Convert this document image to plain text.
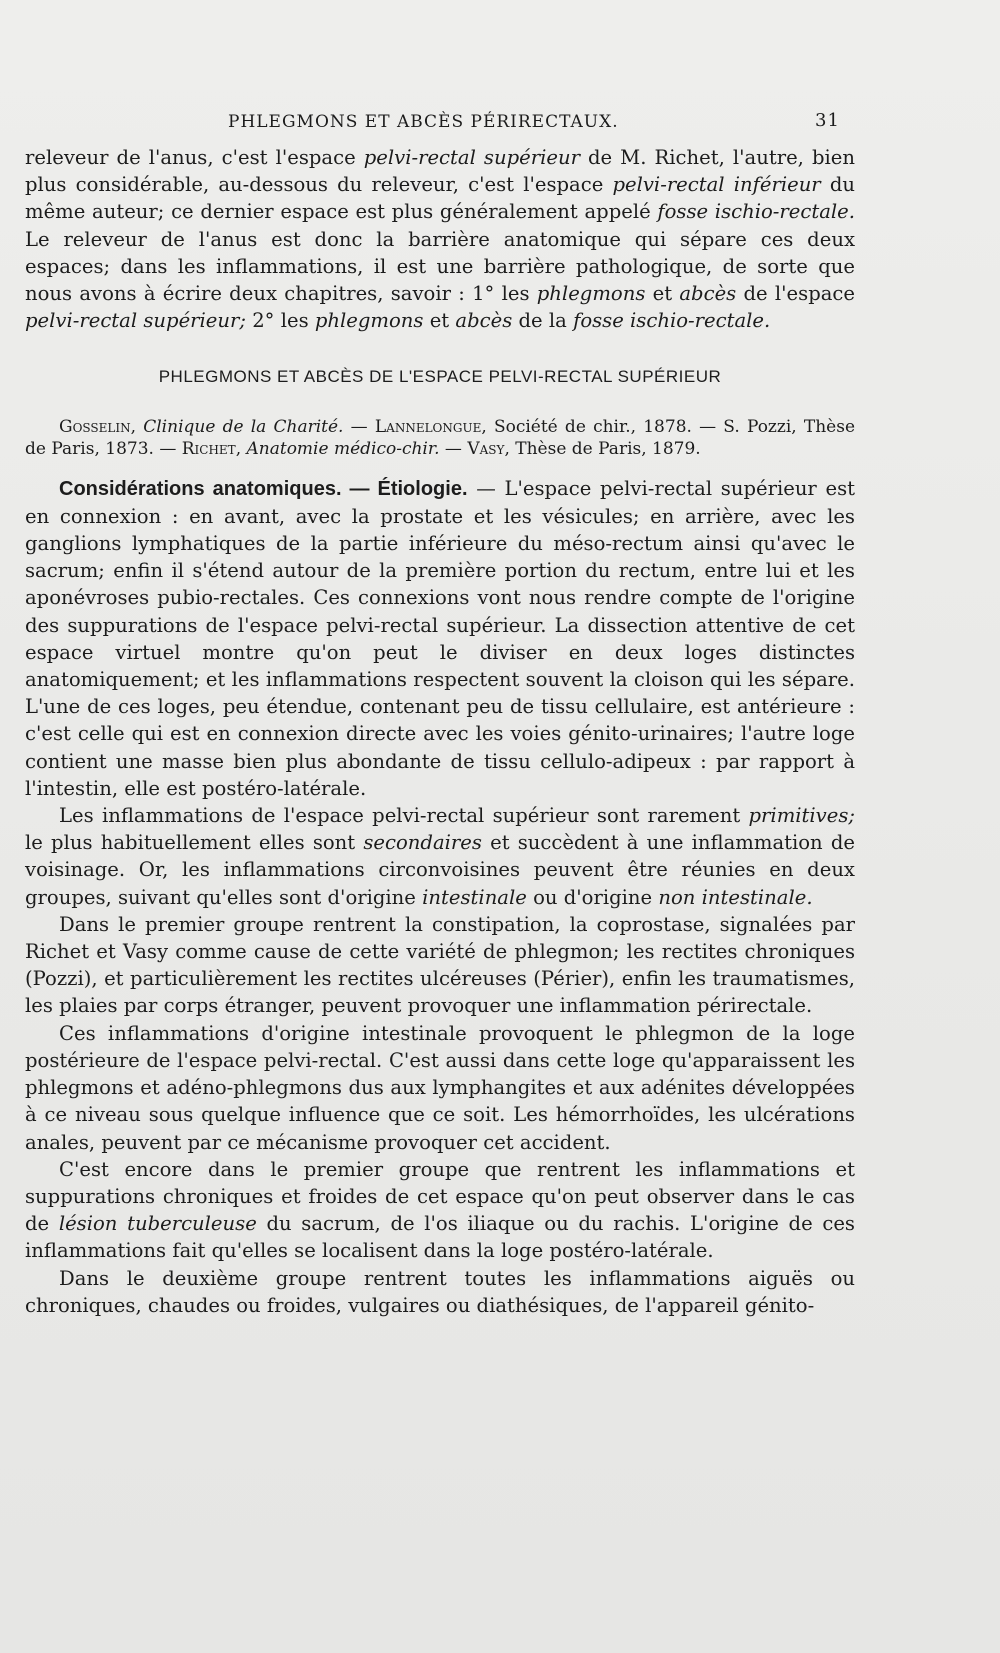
PHLEGMONS ET ABCÈS PÉRIRECTAUX.	31

releveur de l'anus, c'est l'espace pelvi-rectal supérieur de M. Richet, l'autre, bien plus considérable, au-dessous du releveur, c'est l'espace pelvi-rectal inférieur du même auteur; ce dernier espace est plus généralement appelé fosse ischio-rectale. Le releveur de l'anus est donc la barrière anatomique qui sépare ces deux espaces; dans les inflammations, il est une barrière pathologique, de sorte que nous avons à écrire deux chapitres, savoir : 1° les phlegmons et abcès de l'espace pelvi-rectal supérieur; 2° les phlegmons et abcès de la fosse ischio-rectale.

PHLEGMONS ET ABCÈS DE L'ESPACE PELVI-RECTAL SUPÉRIEUR

Gosselin, Clinique de la Charité. — Lannelongue, Société de chir., 1878. — S. Pozzi, Thèse de Paris, 1873. — Richet, Anatomie médico-chir. — Vasy, Thèse de Paris, 1879.

Considérations anatomiques. — Étiologie. — L'espace pelvi-rectal supérieur est en connexion : en avant, avec la prostate et les vésicules; en arrière, avec les ganglions lymphatiques de la partie inférieure du méso-rectum ainsi qu'avec le sacrum; enfin il s'étend autour de la première portion du rectum, entre lui et les aponévroses pubio-rectales. Ces connexions vont nous rendre compte de l'origine des suppurations de l'espace pelvi-rectal supérieur. La dissection attentive de cet espace virtuel montre qu'on peut le diviser en deux loges distinctes anatomiquement; et les inflammations respectent souvent la cloison qui les sépare. L'une de ces loges, peu étendue, contenant peu de tissu cellulaire, est antérieure : c'est celle qui est en connexion directe avec les voies génito-urinaires; l'autre loge contient une masse bien plus abondante de tissu cellulo-adipeux : par rapport à l'intestin, elle est postéro-latérale.

Les inflammations de l'espace pelvi-rectal supérieur sont rarement primitives; le plus habituellement elles sont secondaires et succèdent à une inflammation de voisinage. Or, les inflammations circonvoisines peuvent être réunies en deux groupes, suivant qu'elles sont d'origine intestinale ou d'origine non intestinale.

Dans le premier groupe rentrent la constipation, la coprostase, signalées par Richet et Vasy comme cause de cette variété de phlegmon; les rectites chroniques (Pozzi), et particulièrement les rectites ulcéreuses (Périer), enfin les traumatismes, les plaies par corps étranger, peuvent provoquer une inflammation périrectale.

Ces inflammations d'origine intestinale provoquent le phlegmon de la loge postérieure de l'espace pelvi-rectal. C'est aussi dans cette loge qu'apparaissent les phlegmons et adéno-phlegmons dus aux lymphangites et aux adénites développées à ce niveau sous quelque influence que ce soit. Les hémorrhoïdes, les ulcérations anales, peuvent par ce mécanisme provoquer cet accident.

C'est encore dans le premier groupe que rentrent les inflammations et suppurations chroniques et froides de cet espace qu'on peut observer dans le cas de lésion tuberculeuse du sacrum, de l'os iliaque ou du rachis. L'origine de ces inflammations fait qu'elles se localisent dans la loge postéro-latérale.

Dans le deuxième groupe rentrent toutes les inflammations aiguës ou chroniques, chaudes ou froides, vulgaires ou diathésiques, de l'appareil génito-
